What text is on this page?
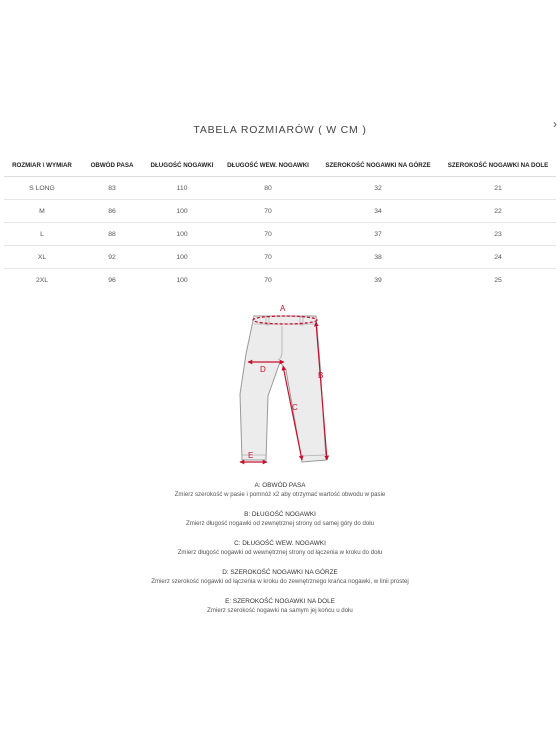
TABELA ROZMIARÓW ( W CM )	›
ROZMIAR \ WYMIAR	OBWÓD PASA	DŁUGOŚĆ NOGAWKI	DŁUGOŚĆ WEW. NOGAWKI	SZEROKOŚĆ NOGAWKI NA GÓRZE	SZEROKOŚĆ NOGAWKI NA DOLE
S LONG	83	110	80	32	21
M	86	100	70	34	22
L	88	100	70	37	23
XL	92	100	70	38	24
2XL	96	100	70	39	25
A
B
C
D
E
A: OBWÓD PASA
Zmierz szerokość w pasie i pomnóż x2 aby otrzymać wartość obwodu w pasie
B: DŁUGOŚĆ NOGAWKI
Zmierz długość nogawki od zewnętrznej strony od samej góry do dołu
C: DŁUGOŚĆ WEW. NOGAWKI
Zmierz długość nogawki od wewnętrznej strony od łączenia w kroku do dołu
D: SZEROKOŚĆ NOGAWKI NA GÓRZE
Zmierz szerokość nogawki od łączenia w kroku do zewnętrznego krańca nogawki, w linii prostej
E: SZEROKOŚĆ NOGAWKI NA DOLE
Zmierz szerokość nogawki na samym jej końcu u dołu
